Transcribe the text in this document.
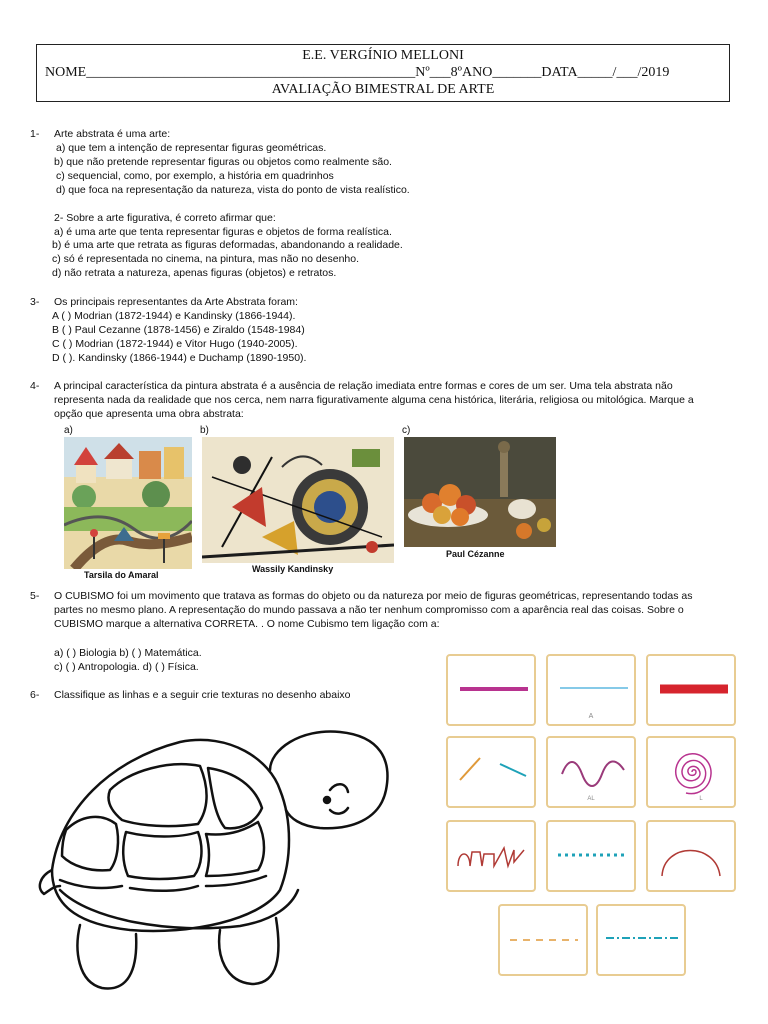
E.E. VERGÍNIO MELLONI
NOME_______________________________________________Nº___8ºANO_______DATA_____/___/2019
AVALIAÇÃO BIMESTRAL DE ARTE
1- Arte abstrata é uma arte:
a) que tem a intenção de representar figuras geométricas.
b) que não pretende representar figuras ou objetos como realmente são.
c) sequencial, como, por exemplo, a história em quadrinhos
d) que foca na representação da natureza, vista do ponto de vista realístico.
2- Sobre a arte figurativa, é correto afirmar que:
a) é uma arte que tenta representar figuras e objetos de forma realística.
b) é uma arte que retrata as figuras deformadas, abandonando a realidade.
c) só é representada no cinema, na pintura, mas não no desenho.
d) não retrata a natureza, apenas figuras (objetos) e retratos.
3- Os principais representantes da Arte Abstrata foram:
A ( ) Modrian (1872-1944) e Kandinsky (1866-1944).
B ( ) Paul Cezanne (1878-1456) e Ziraldo (1548-1984)
C ( ) Modrian (1872-1944) e Vitor Hugo (1940-2005).
D ( ). Kandinsky (1866-1944) e Duchamp (1890-1950).
4- A principal característica da pintura abstrata é a ausência de relação imediata entre formas e cores de um ser. Uma tela abstrata não
representa nada da realidade que nos cerca, nem narra figurativamente alguma cena histórica, literária, religiosa ou mitológica. Marque a
opção que apresenta uma obra abstrata:
a)
Tarsila do Amaral
b)
Wassily Kandinsky
c)
Paul Cézanne
5- O CUBISMO foi um movimento que tratava as formas do objeto ou da natureza por meio de figuras geométricas, representando todas as
partes no mesmo plano. A representação do mundo passava a não ter nenhum compromisso com a aparência real das coisas. Sobre o
CUBISMO marque a alternativa CORRETA. . O nome Cubismo tem ligação com a:
a) ( ) Biologia b) ( ) Matemática.
c) ( ) Antropologia. d) ( ) Física.
6- Classifique as linhas e a seguir crie texturas no desenho abaixo
A
AL	L
